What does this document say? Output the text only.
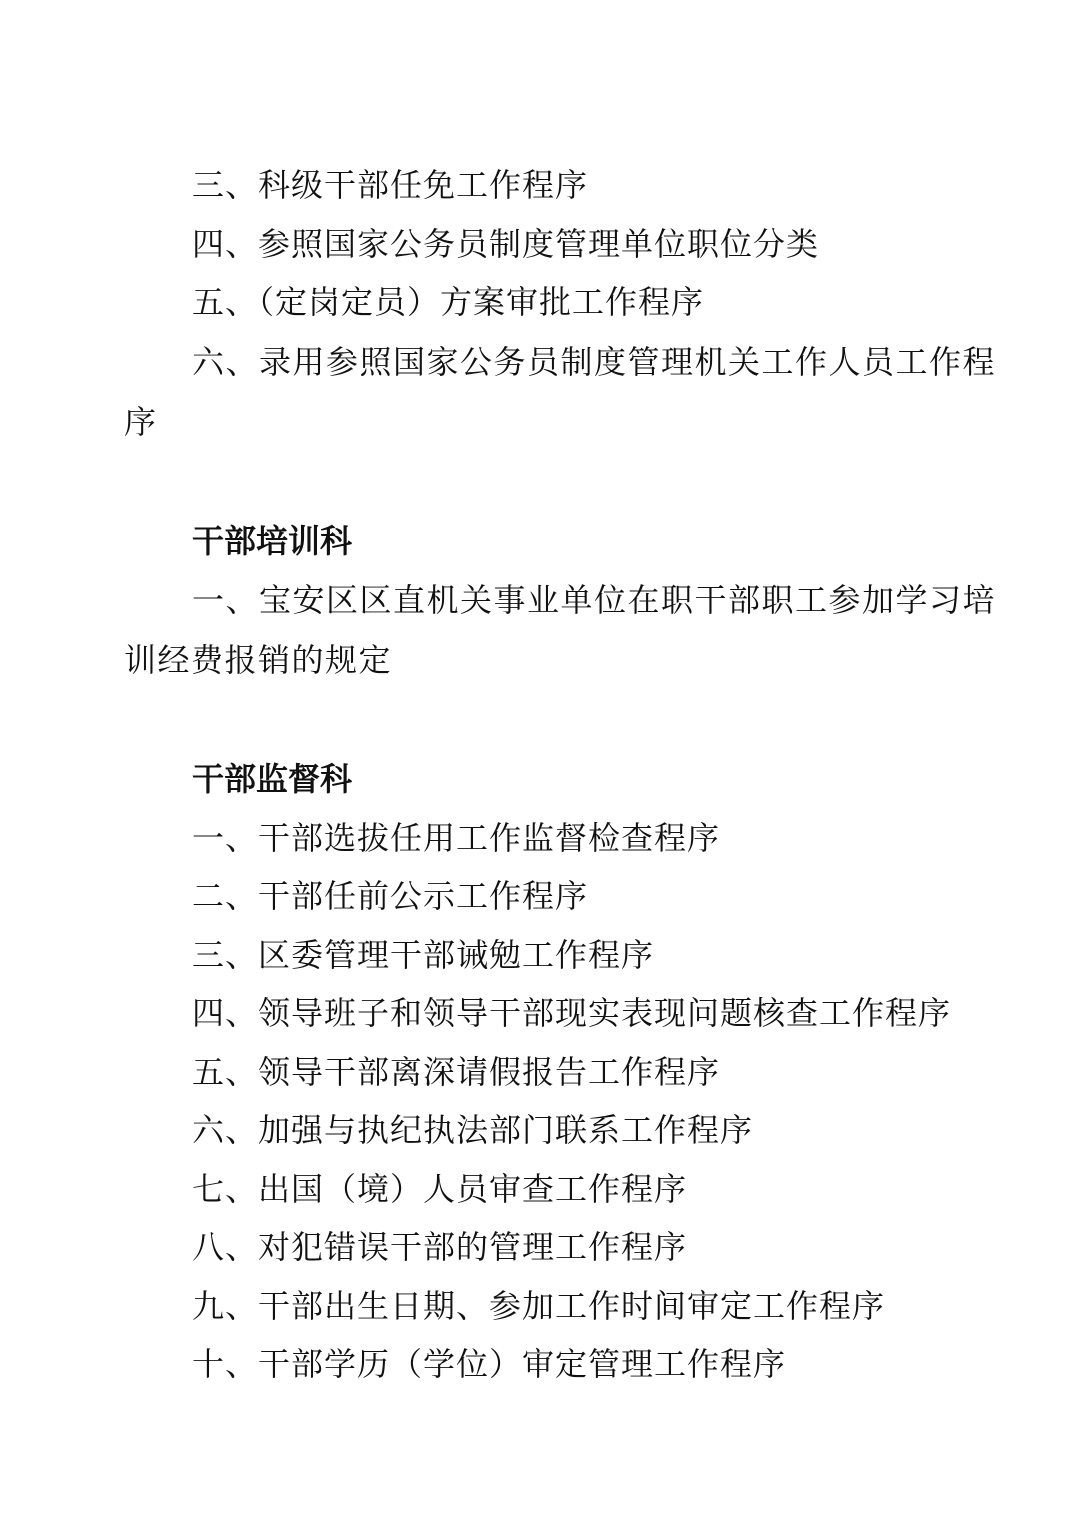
三、科级干部任免工作程序
四、参照国家公务员制度管理单位职位分类
五、（定岗定员）方案审批工作程序
六、录用参照国家公务员制度管理机关工作人员工作程序
干部培训科
一、宝安区区直机关事业单位在职干部职工参加学习培训经费报销的规定
干部监督科
一、干部选拔任用工作监督检查程序
二、干部任前公示工作程序
三、区委管理干部诫勉工作程序
四、领导班子和领导干部现实表现问题核查工作程序
五、领导干部离深请假报告工作程序
六、加强与执纪执法部门联系工作程序
七、出国（境）人员审查工作程序
八、对犯错误干部的管理工作程序
九、干部出生日期、参加工作时间审定工作程序
十、干部学历（学位）审定管理工作程序
